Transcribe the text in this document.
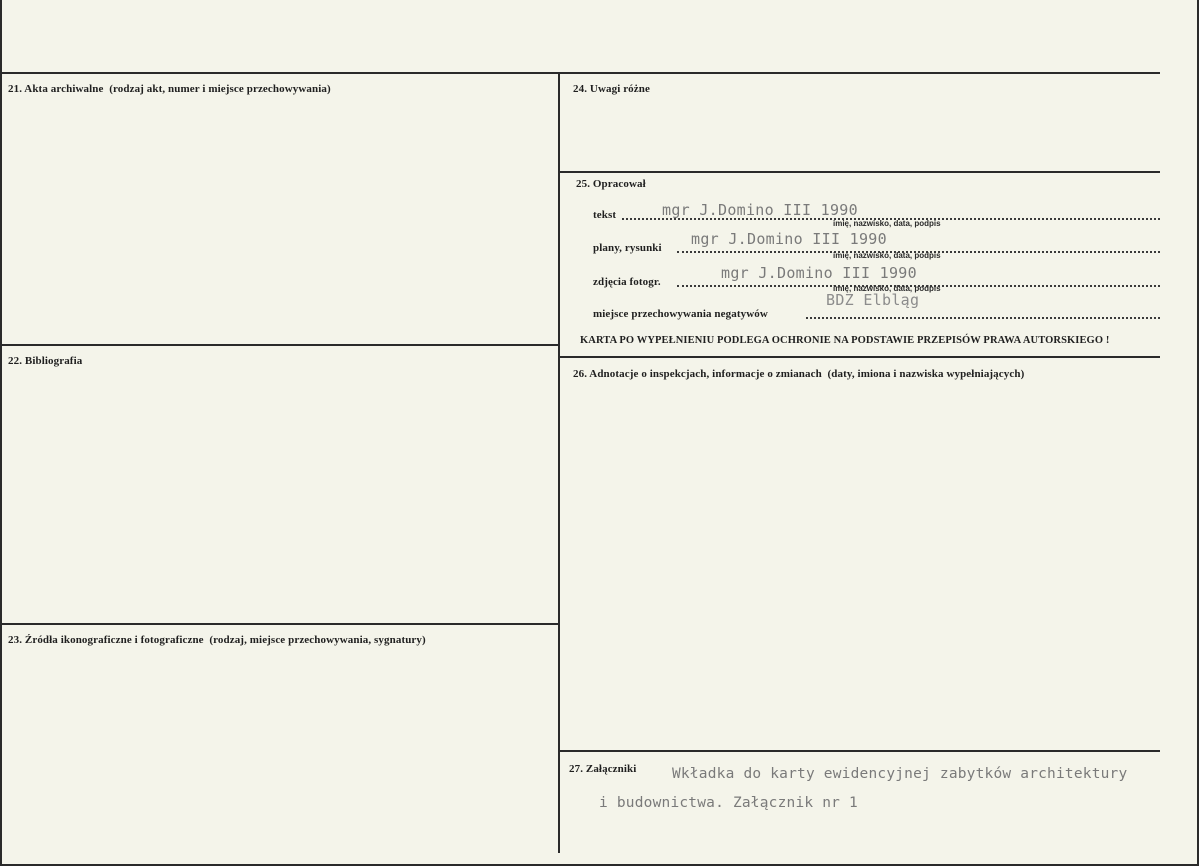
21. Akta archiwalne (rodzaj akt, numer i miejsce przechowywania)
22. Bibliografia
23. Źródła ikonograficzne i fotograficzne (rodzaj, miejsce przechowywania, sygnatury)
24. Uwagi różne
25. Opracował
tekst	mgr J.Domino III 1990
imię, nazwisko, data, podpis
plany, rysunki mgr J.Domino III 1990
imię, nazwisko, data, podpis
zdjęcia fotogr.	mgr J.Domino III 1990
imię, nazwisko, data, podpis
miejsce przechowywania negatywów
BDZ Elbląg
KARTA PO WYPEŁNIENIU PODLEGA OCHRONIE NA PODSTAWIE PRZEPISÓW PRAWA AUTORSKIEGO !
26. Adnotacje o inspekcjach, informacje o zmianach (daty, imiona i nazwiska wypełniających)
27. Załączniki Wkładka do karty ewidencyjnej zabytków architektury
i budownictwa. Załącznik nr 1
